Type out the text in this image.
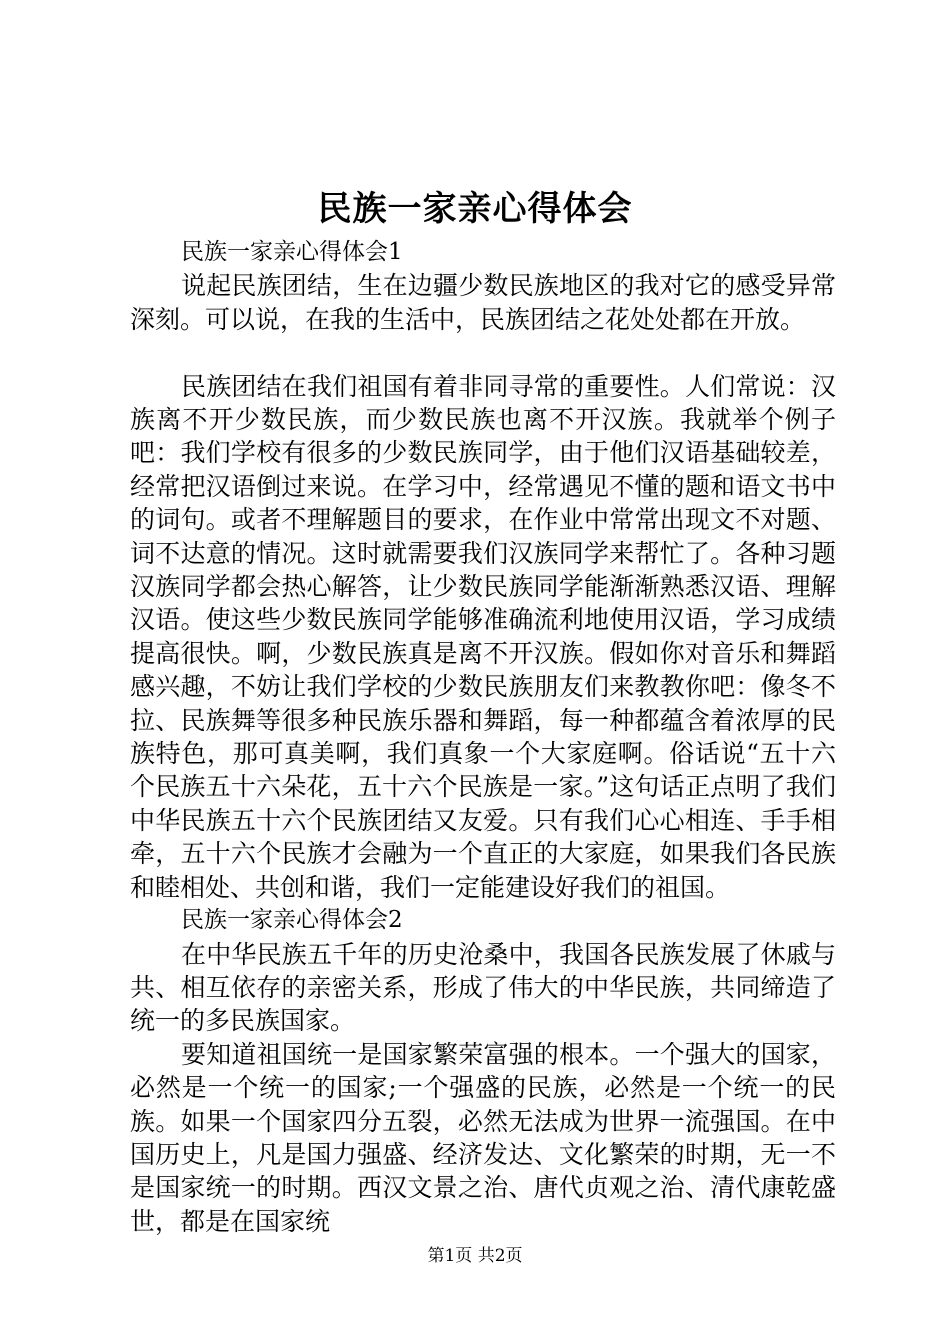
民族一家亲心得体会

民族一家亲心得体会1

说起民族团结，生在边疆少数民族地区的我对它的感受异常深刻。可以说，在我的生活中，民族团结之花处处都在开放。

民族团结在我们祖国有着非同寻常的重要性。人们常说：汉族离不开少数民族，而少数民族也离不开汉族。我就举个例子吧：我们学校有很多的少数民族同学，由于他们汉语基础较差，经常把汉语倒过来说。在学习中，经常遇见不懂的题和语文书中的词句。或者不理解题目的要求，在作业中常常出现文不对题、词不达意的情况。这时就需要我们汉族同学来帮忙了。各种习题汉族同学都会热心解答，让少数民族同学能渐渐熟悉汉语、理解汉语。使这些少数民族同学能够准确流利地使用汉语，学习成绩提高很快。啊，少数民族真是离不开汉族。假如你对音乐和舞蹈感兴趣，不妨让我们学校的少数民族朋友们来教教你吧：像冬不拉、民族舞等很多种民族乐器和舞蹈，每一种都蕴含着浓厚的民族特色，那可真美啊，我们真象一个大家庭啊。俗话说“五十六个民族五十六朵花，五十六个民族是一家。”这句话正点明了我们中华民族五十六个民族团结又友爱。只有我们心心相连、手手相牵，五十六个民族才会融为一个直正的大家庭，如果我们各民族和睦相处、共创和谐，我们一定能建设好我们的祖国。

民族一家亲心得体会2

在中华民族五千年的历史沧桑中，我国各民族发展了休戚与共、相互依存的亲密关系，形成了伟大的中华民族，共同缔造了统一的多民族国家。

要知道祖国统一是国家繁荣富强的根本。一个强大的国家，必然是一个统一的国家;一个强盛的民族，必然是一个统一的民族。如果一个国家四分五裂，必然无法成为世界一流强国。在中国历史上，凡是国力强盛、经济发达、文化繁荣的时期，无一不是国家统一的时期。西汉文景之治、唐代贞观之治、清代康乾盛世，都是在国家统

第1页 共2页
